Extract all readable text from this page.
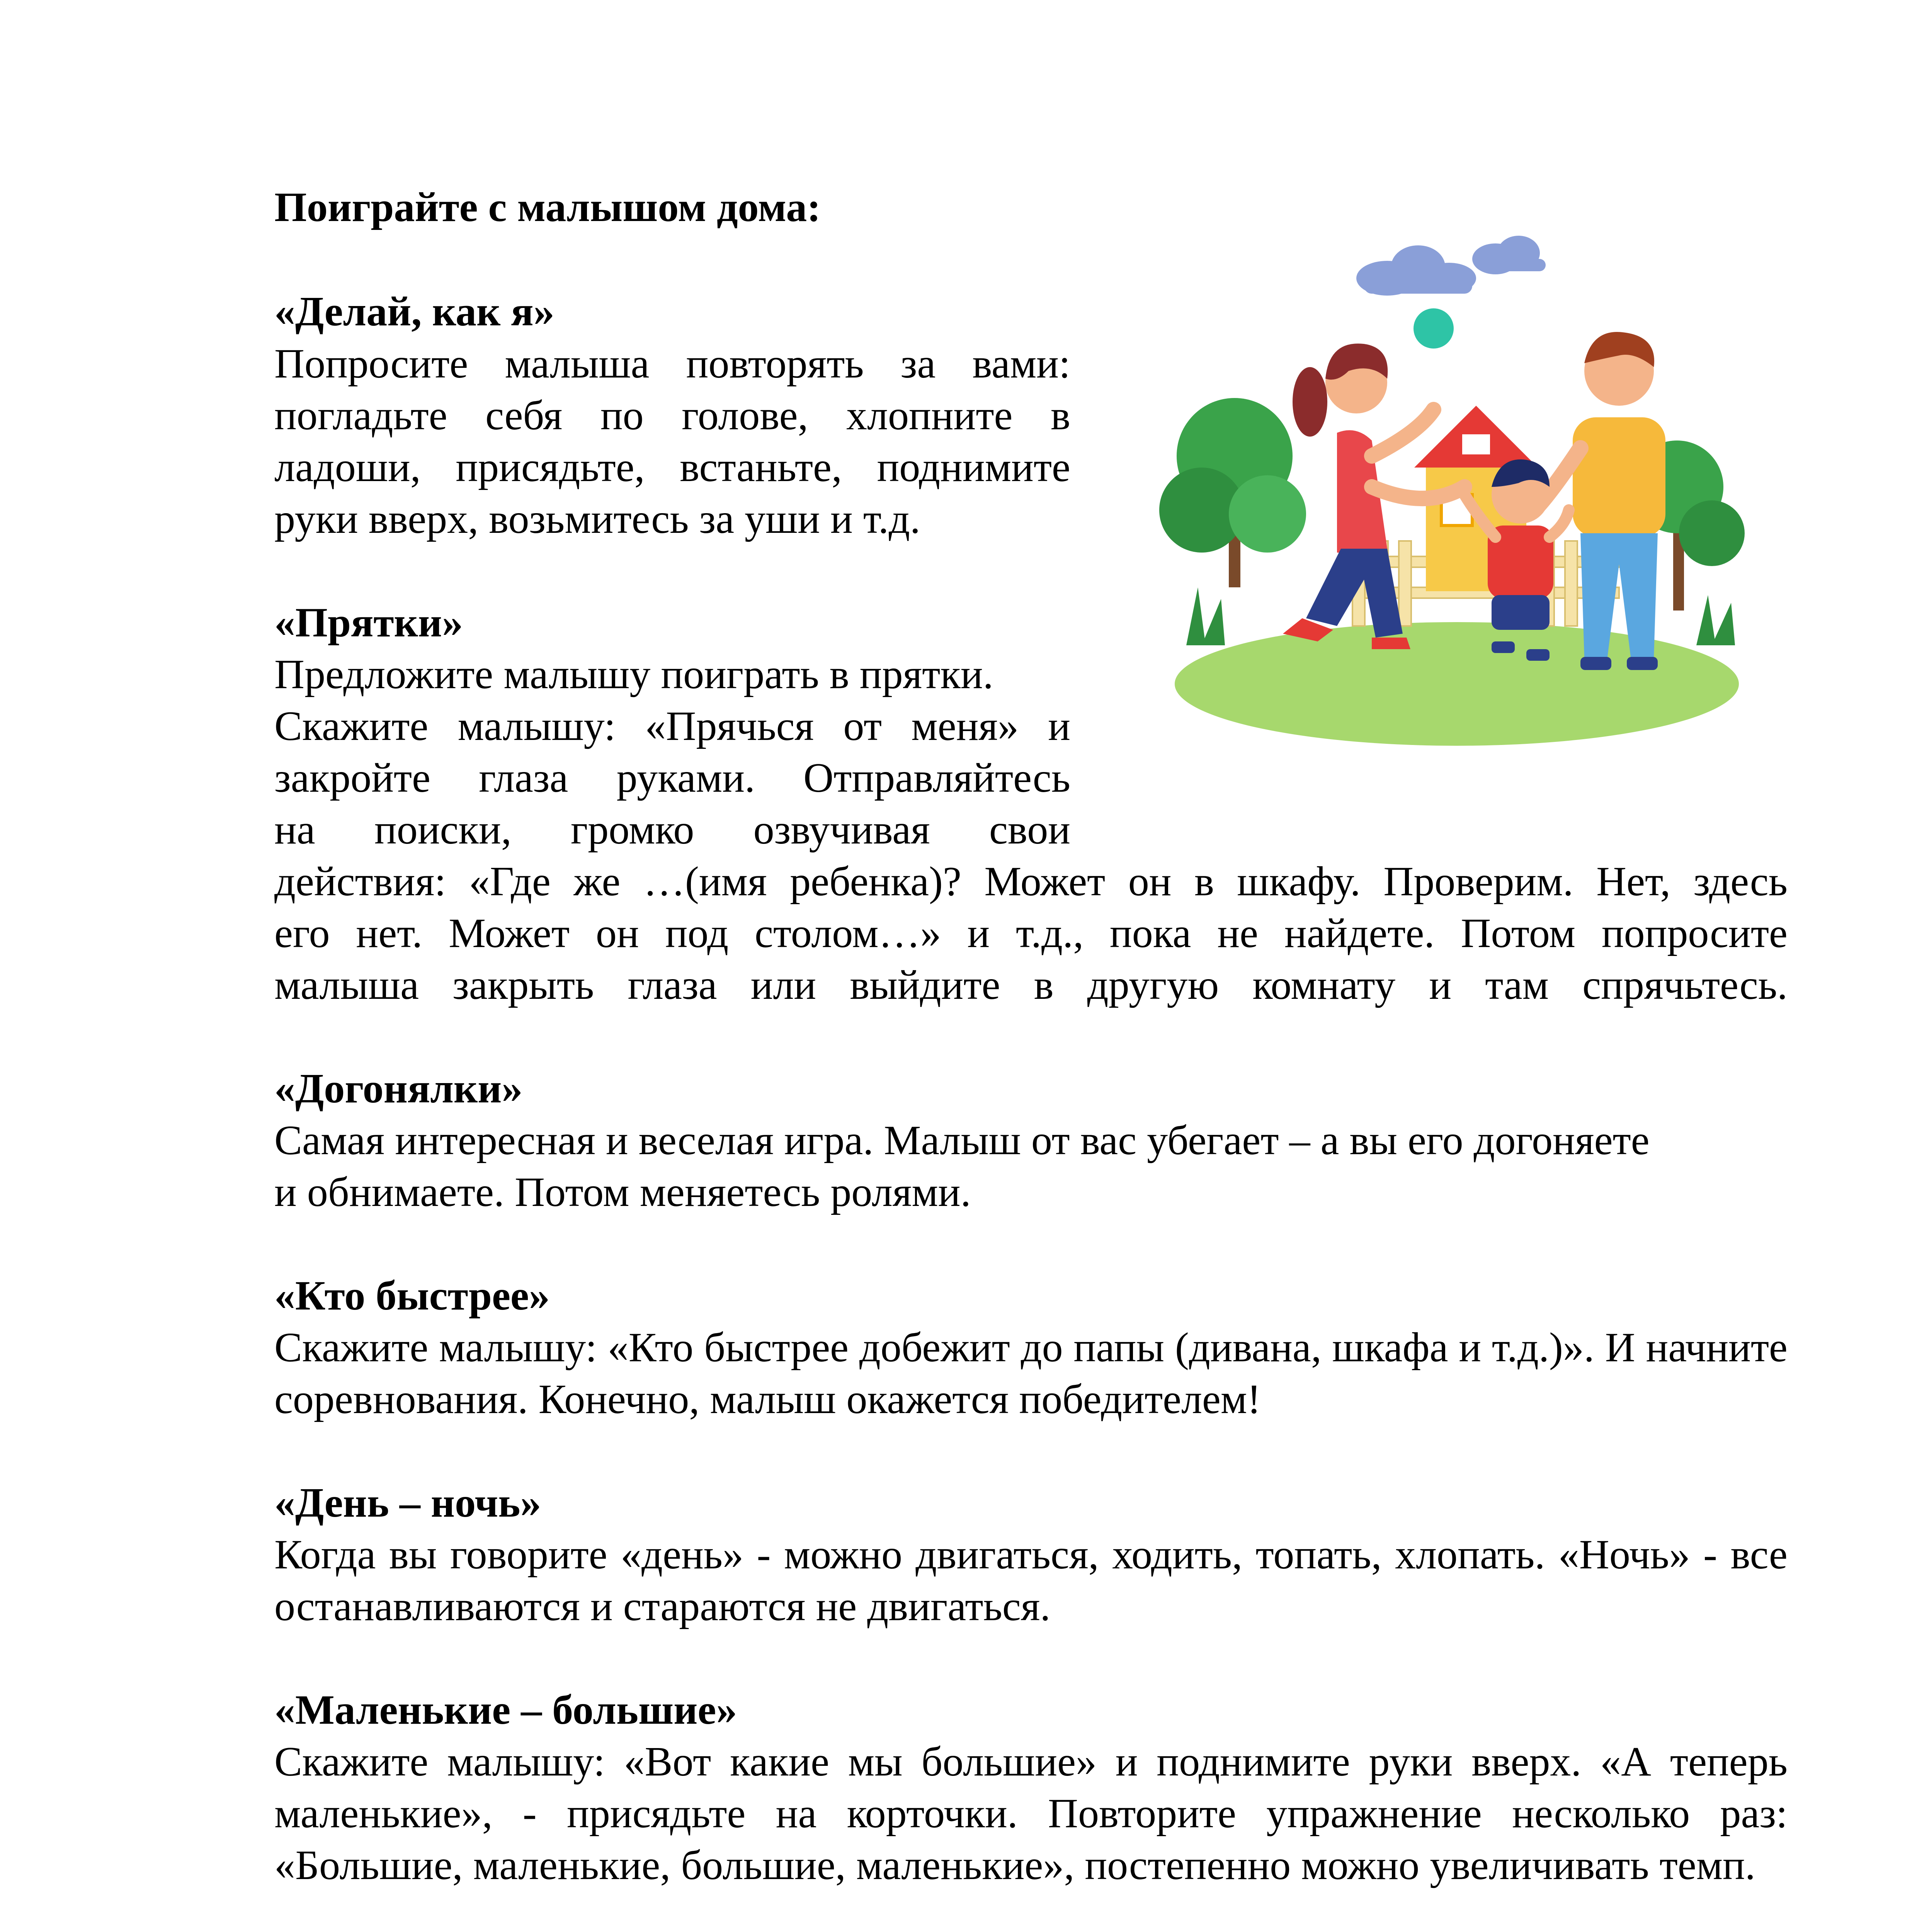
Поиграйте с малышом дома:

«Делай, как я»

Попросите малыша повторять за вами:

погладьте себя по голове, хлопните в

ладоши, присядьте, встаньте, поднимите

руки вверх, возьмитесь за уши и т.д.

«Прятки»

Предложите малышу поиграть в прятки.

Скажите малышу: «Прячься от меня» и

закройте глаза руками. Отправляйтесь

на поиски, громко озвучивая свои

действия: «Где же …(имя ребенка)? Может он в шкафу. Проверим. Нет, здесь

его нет. Может он под столом…» и т.д., пока не найдете. Потом попросите

малыша закрыть глаза или выйдите в другую комнату и там спрячьтесь.

«Догонялки»

Самая интересная и веселая игра. Малыш от вас убегает – а вы его догоняете

и обнимаете. Потом меняетесь ролями.

«Кто быстрее»

Скажите малышу: «Кто быстрее добежит до папы (дивана, шкафа и т.д.)». И начните соревнования. Конечно, малыш окажется победителем!

«День – ночь»

Когда вы говорите «день» - можно двигаться, ходить, топать, хлопать. «Ночь» - все останавливаются и стараются не двигаться.

«Маленькие – большие»

Скажите малышу: «Вот какие мы большие» и поднимите руки вверх. «А теперь маленькие», - присядьте на корточки. Повторите упражнение несколько раз: «Большие, маленькие, большие, маленькие», постепенно можно увеличивать темп.
